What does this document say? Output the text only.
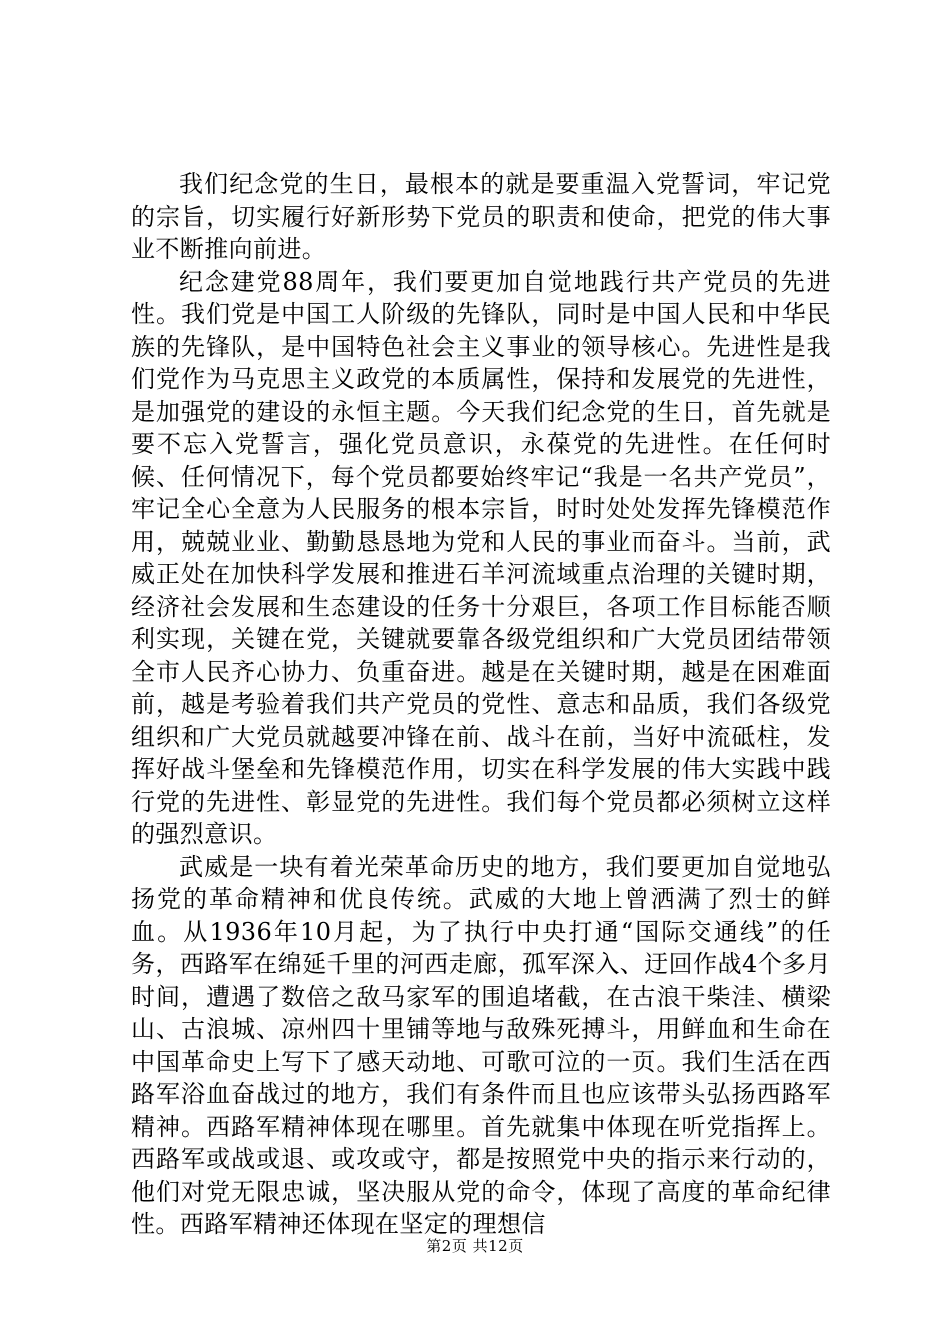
我们纪念党的生日，最根本的就是要重温入党誓词，牢记党的宗旨，切实履行好新形势下党员的职责和使命，把党的伟大事业不断推向前进。

纪念建党88周年，我们要更加自觉地践行共产党员的先进性。我们党是中国工人阶级的先锋队，同时是中国人民和中华民族的先锋队，是中国特色社会主义事业的领导核心。先进性是我们党作为马克思主义政党的本质属性，保持和发展党的先进性，是加强党的建设的永恒主题。今天我们纪念党的生日，首先就是要不忘入党誓言，强化党员意识，永葆党的先进性。在任何时候、任何情况下，每个党员都要始终牢记“我是一名共产党员”，牢记全心全意为人民服务的根本宗旨，时时处处发挥先锋模范作用，兢兢业业、勤勤恳恳地为党和人民的事业而奋斗。当前，武威正处在加快科学发展和推进石羊河流域重点治理的关键时期，经济社会发展和生态建设的任务十分艰巨，各项工作目标能否顺利实现，关键在党，关键就要靠各级党组织和广大党员团结带领全市人民齐心协力、负重奋进。越是在关键时期，越是在困难面前，越是考验着我们共产党员的党性、意志和品质，我们各级党组织和广大党员就越要冲锋在前、战斗在前，当好中流砥柱，发挥好战斗堡垒和先锋模范作用，切实在科学发展的伟大实践中践行党的先进性、彰显党的先进性。我们每个党员都必须树立这样的强烈意识。

武威是一块有着光荣革命历史的地方，我们要更加自觉地弘扬党的革命精神和优良传统。武威的大地上曾洒满了烈士的鲜血。从1936年10月起，为了执行中央打通“国际交通线”的任务，西路军在绵延千里的河西走廊，孤军深入、迂回作战4个多月时间，遭遇了数倍之敌马家军的围追堵截，在古浪干柴洼、横梁山、古浪城、凉州四十里铺等地与敌殊死搏斗，用鲜血和生命在中国革命史上写下了感天动地、可歌可泣的一页。我们生活在西路军浴血奋战过的地方，我们有条件而且也应该带头弘扬西路军精神。西路军精神体现在哪里。首先就集中体现在听党指挥上。西路军或战或退、或攻或守，都是按照党中央的指示来行动的，他们对党无限忠诚，坚决服从党的命令，体现了高度的革命纪律性。西路军精神还体现在坚定的理想信

第2页 共12页
